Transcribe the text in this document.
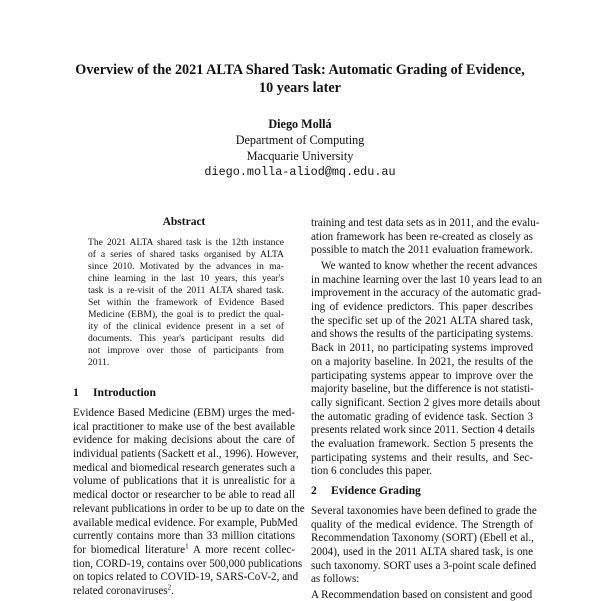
Overview of the 2021 ALTA Shared Task: Automatic Grading of Evidence,
10 years later
Diego Mollá
Department of Computing
Macquarie University
diego.molla-aliod@mq.edu.au
Abstract
The 2021 ALTA shared task is the 12th instance
of a series of shared tasks organised by ALTA
since 2010. Motivated by the advances in ma-
chine learning in the last 10 years, this year's
task is a re-visit of the 2011 ALTA shared task.
Set within the framework of Evidence Based
Medicine (EBM), the goal is to predict the qual-
ity of the clinical evidence present in a set of
documents. This year's participant results did
not improve over those of participants from
2011.
1 Introduction
Evidence Based Medicine (EBM) urges the med-
ical practitioner to make use of the best available
evidence for making decisions about the care of
individual patients (Sackett et al., 1996). However,
medical and biomedical research generates such a
volume of publications that it is unrealistic for a
medical doctor or researcher to be able to read all
relevant publications in order to be up to date on the
available medical evidence. For example, PubMed
currently contains more than 33 million citations
for biomedical literature$^1$ A more recent collec-
tion, CORD-19, contains over 500,000 publications
on topics related to COVID-19, SARS-CoV-2, and
related coronaviruses$^2$.
training and test data sets as in 2011, and the evalu-
ation framework has been re-created as closely as
possible to match the 2011 evaluation framework.
We wanted to know whether the recent advances
in machine learning over the last 10 years lead to an
improvement in the accuracy of the automatic grad-
ing of evidence predictors. This paper describes
the specific set up of the 2021 ALTA shared task,
and shows the results of the participating systems.
Back in 2011, no participating systems improved
on a majority baseline. In 2021, the results of the
participating systems appear to improve over the
majority baseline, but the difference is not statisti-
cally significant. Section 2 gives more details about
the automatic grading of evidence task. Section 3
presents related work since 2011. Section 4 details
the evaluation framework. Section 5 presents the
participating systems and their results, and Sec-
tion 6 concludes this paper.
2 Evidence Grading
Several taxonomies have been defined to grade the
quality of the medical evidence. The Strength of
Recommendation Taxonomy (SORT) (Ebell et al.,
2004), used in the 2011 ALTA shared task, is one
such taxonomy. SORT uses a 3-point scale defined
as follows:
A Recommendation based on consistent and good
